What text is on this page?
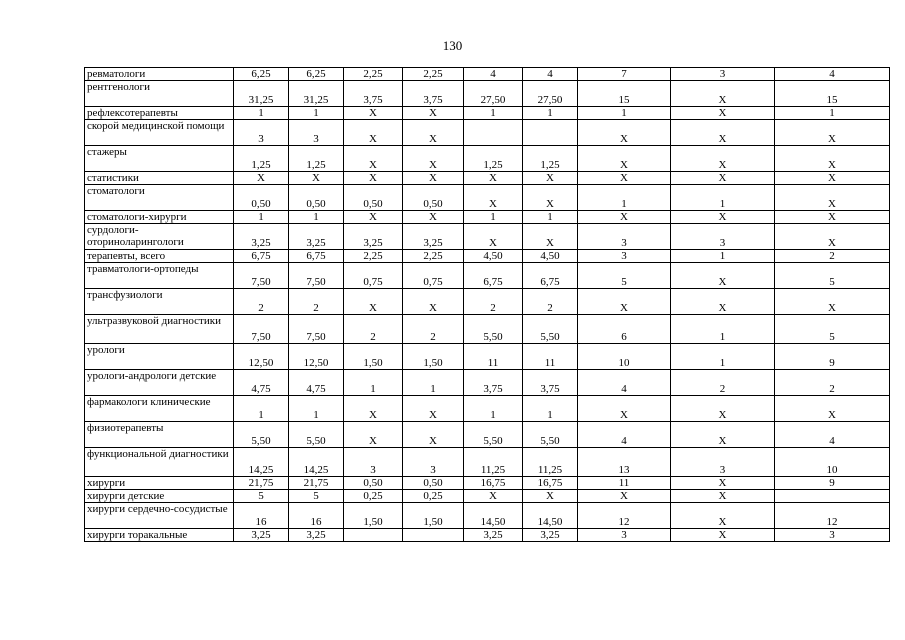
130
ревматологи	6,25	6,25	2,25	2,25	4	4	7	3	4
рентгенологи	31,25	31,25	3,75	3,75	27,50	27,50	15	X	15
рефлексотерапевты	1	1	X	X	1	1	1	X	1
скорой медицинской помощи	3	3	X	X			X	X	X
стажеры	1,25	1,25	X	X	1,25	1,25	X	X	X
статистики	X	X	X	X	X	X	X	X	X
стоматологи	0,50	0,50	0,50	0,50	X	X	1	1	X
стоматологи-хирурги	1	1	X	X	1	1	X	X	X
сурдологи-оториноларингологи	3,25	3,25	3,25	3,25	X	X	3	3	X
терапевты, всего	6,75	6,75	2,25	2,25	4,50	4,50	3	1	2
травматологи-ортопеды	7,50	7,50	0,75	0,75	6,75	6,75	5	X	5
трансфузиологи	2	2	X	X	2	2	X	X	X
ультразвуковой диагностики	7,50	7,50	2	2	5,50	5,50	6	1	5
урологи	12,50	12,50	1,50	1,50	11	11	10	1	9
урологи-андрологи детские	4,75	4,75	1	1	3,75	3,75	4	2	2
фармакологи клинические	1	1	X	X	1	1	X	X	X
физиотерапевты	5,50	5,50	X	X	5,50	5,50	4	X	4
функциональной диагностики	14,25	14,25	3	3	11,25	11,25	13	3	10
хирурги	21,75	21,75	0,50	0,50	16,75	16,75	11	X	9
хирурги детские	5	5	0,25	0,25	X	X	X	X	
хирурги сердечно-сосудистые	16	16	1,50	1,50	14,50	14,50	12	X	12
хирурги торакальные	3,25	3,25			3,25	3,25	3	X	3
